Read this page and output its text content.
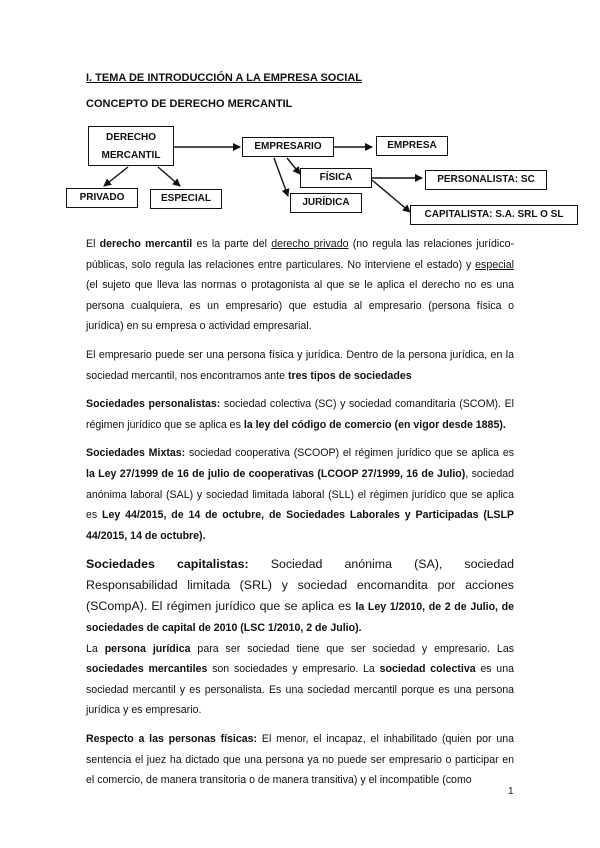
I. TEMA DE INTRODUCCIÓN A LA EMPRESA SOCIAL
CONCEPTO DE DERECHO MERCANTIL
DERECHO
MERCANTIL
PRIVADO	ESPECIAL
EMPRESARIO	EMPRESA
FÍSICA
JURÍDICA
PERSONALISTA: SC
CAPITALISTA: S.A. SRL O SL

El derecho mercantil es la parte del derecho privado (no regula las relaciones jurídico-públicas, solo regula las relaciones entre particulares. No interviene el estado) y especial (el sujeto que lleva las normas o protagonista al que se le aplica el derecho no es una persona cualquiera, es un empresario) que estudia al empresario (persona física o jurídica) en su empresa o actividad empresarial.

El empresario puede ser una persona física y jurídica. Dentro de la persona jurídica, en la sociedad mercantil, nos encontramos ante tres tipos de sociedades

Sociedades personalistas: sociedad colectiva (SC) y sociedad comanditaria (SCOM). El régimen jurídico que se aplica es la ley del código de comercio (en vigor desde 1885).

Sociedades Mixtas: sociedad cooperativa (SCOOP) el régimen jurídico que se aplica es la Ley 27/1999 de 16 de julio de cooperativas (LCOOP 27/1999, 16 de Julio), sociedad anónima laboral (SAL) y sociedad limitada laboral (SLL) el régimen jurídico que se aplica es Ley 44/2015, de 14 de octubre, de Sociedades Laborales y Participadas (LSLP 44/2015, 14 de octubre).

Sociedades capitalistas: Sociedad anónima (SA), sociedad Responsabilidad limitada (SRL) y sociedad encomandita por acciones (SCompA). El régimen jurídico que se aplica es la Ley 1/2010, de 2 de Julio, de sociedades de capital de 2010 (LSC 1/2010, 2 de Julio).

La persona jurídica para ser sociedad tiene que ser sociedad y empresario. Las sociedades mercantiles son sociedades y empresario. La sociedad colectiva es una sociedad mercantil y es personalista. Es una sociedad mercantil porque es una persona jurídica y es empresario.

Respecto a las personas físicas: El menor, el incapaz, el inhabilitado (quien por una sentencia el juez ha dictado que una persona ya no puede ser empresario o participar en el comercio, de manera transitoria o de manera transitiva) y el incompatible (como

1
